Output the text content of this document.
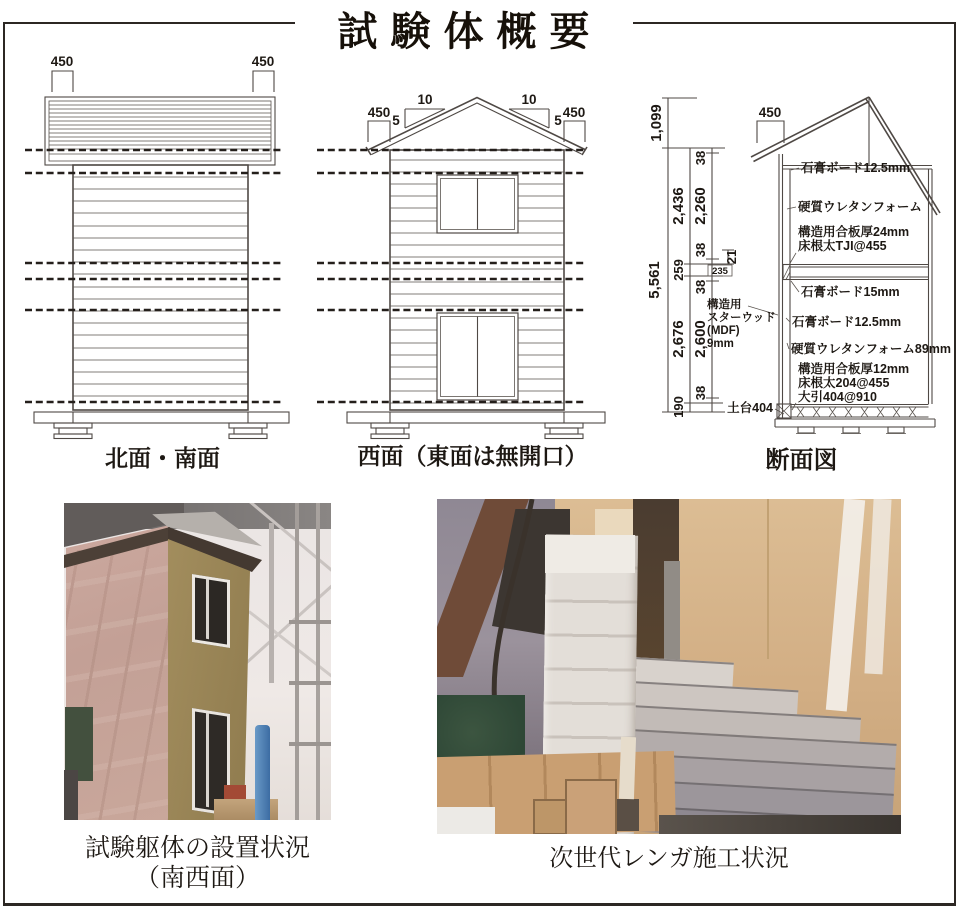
試験体概要
450	450
北面・南面
450	450
10
5
10
5
西面（東面は無開口）
1,099
5,561
2,436
259
2,676
190
2,260
2,600
38
38
38
38
21
235
450
石膏ボード12.5mm
硬質ウレタンフォーム
構造用合板厚24mm
床根太TJI@455
石膏ボード15mm
構造用
スターウッド
(MDF)
9mm
石膏ボード12.5mm
硬質ウレタンフォーム89mm
構造用合板厚12mm
床根太204@455
大引404@910
土台404
断面図
試験躯体の設置状況
（南西面）
次世代レンガ施工状況
